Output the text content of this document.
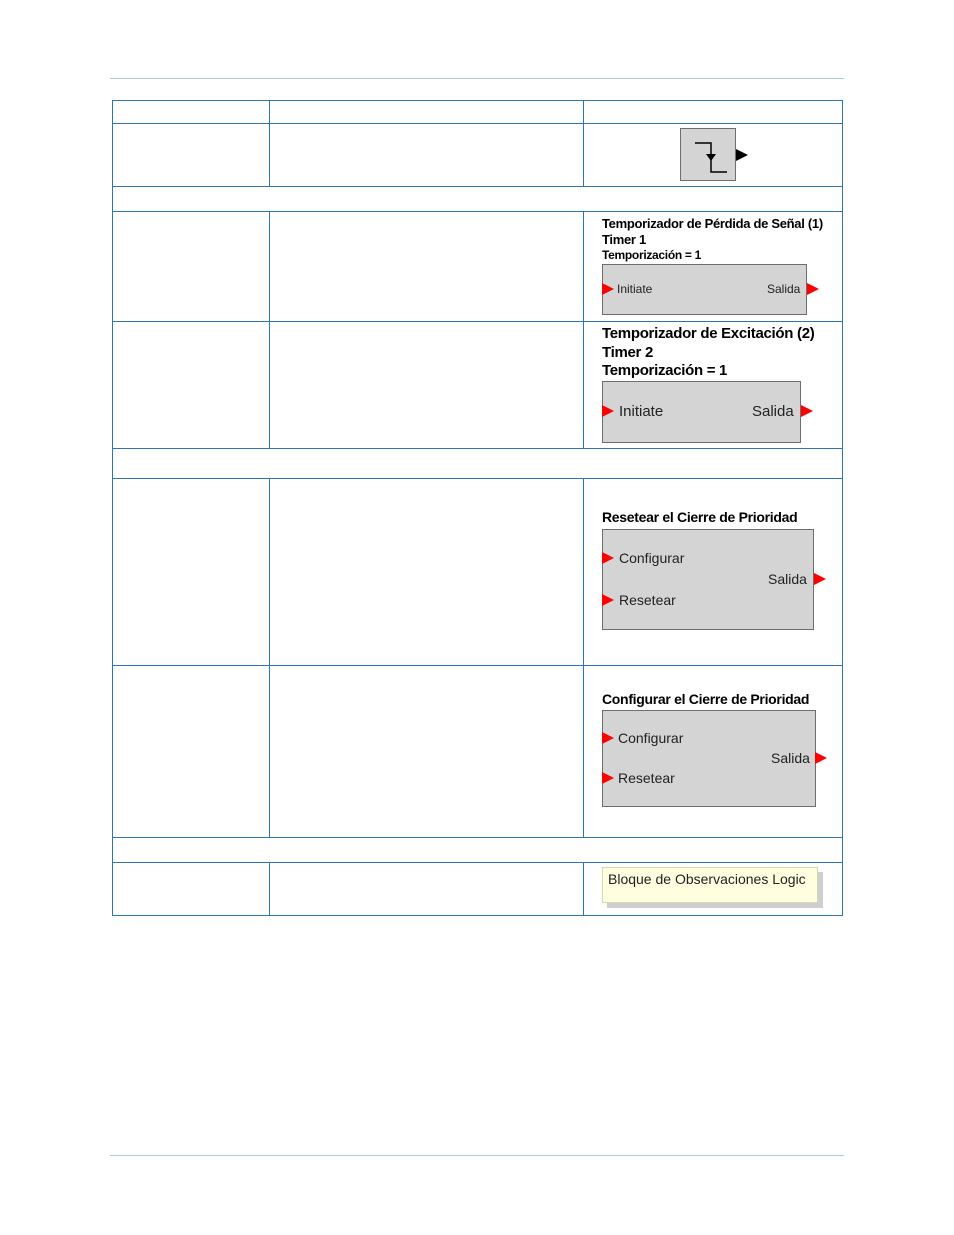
		Temporizador de Pérdida de Señal (1)
Timer 1
Temporización = 1
Initiate Salida

		Temporizador de Excitación (2)
Timer 2
Temporización = 1
Initiate Salida

		Resetear el Cierre de Prioridad
Configurar
Salida
Resetear

		Configurar el Cierre de Prioridad
Configurar
Salida
Resetear

		Bloque de Observaciones Logic
